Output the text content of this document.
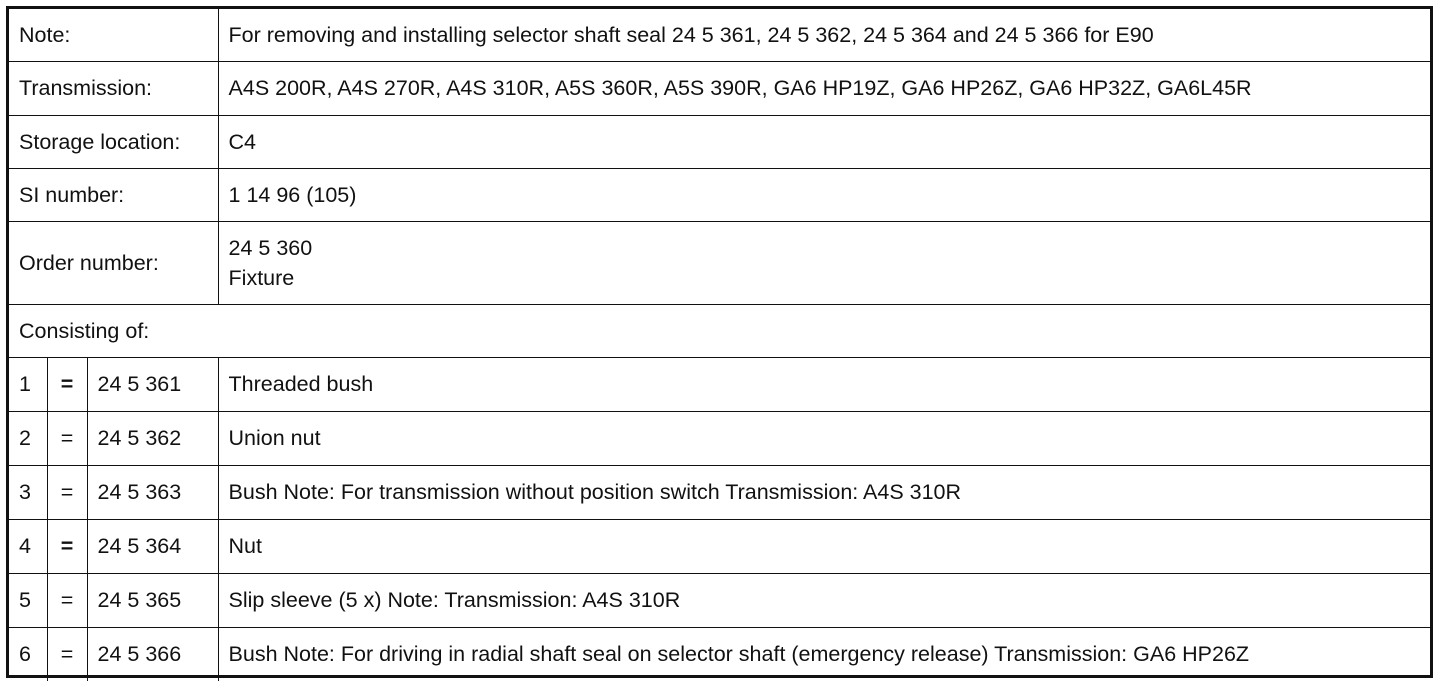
Note:			For removing and installing selector shaft seal 24 5 361, 24 5 362, 24 5 364 and 24 5 366 for E90
Transmission:			A4S 200R, A4S 270R, A4S 310R, A5S 360R, A5S 390R, GA6 HP19Z, GA6 HP26Z, GA6 HP32Z, GA6L45R
Storage location:			C4
SI number:			1 14 96 (105)
Order number:			24 5 360
Fixture

Consisting of:			
1	=	24 5 361	Threaded bush
2	=	24 5 362	Union nut
3	=	24 5 363	Bush Note: For transmission without position switch Transmission: A4S 310R
4	=	24 5 364	Nut
5	=	24 5 365	Slip sleeve (5 x) Note: Transmission: A4S 310R
6	=	24 5 366	Bush Note: For driving in radial shaft seal on selector shaft (emergency release) Transmission: GA6 HP26Z
